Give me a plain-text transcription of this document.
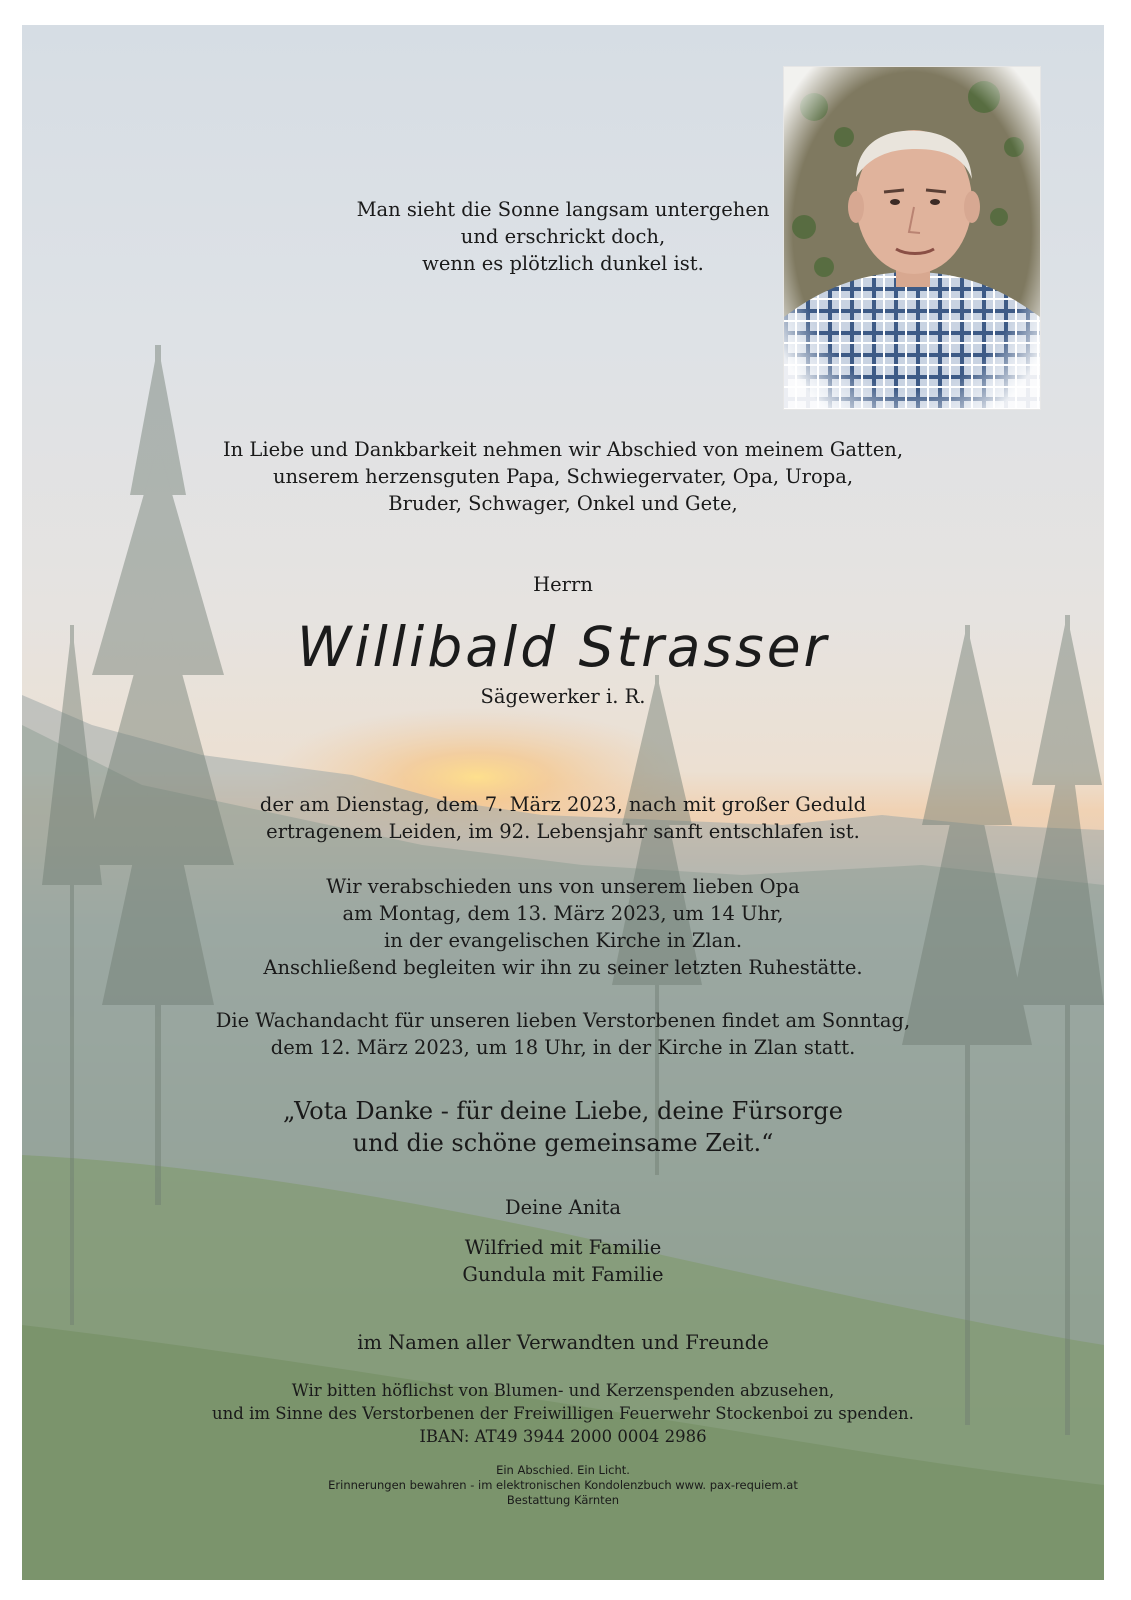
Man sieht die Sonne langsam untergehen

und erschrickt doch,

wenn es plötzlich dunkel ist.

In Liebe und Dankbarkeit nehmen wir Abschied von meinem Gatten,

unserem herzensguten Papa, Schwiegervater, Opa, Uropa,

Bruder, Schwager, Onkel und Gete,

Herrn
Willibald Strasser
Sägewerker i. R.

der am Dienstag, dem 7. März 2023, nach mit großer Geduld

ertragenem Leiden, im 92. Lebensjahr sanft entschlafen ist.

Wir verabschieden uns von unserem lieben Opa

am Montag, dem 13. März 2023, um 14 Uhr,

in der evangelischen Kirche in Zlan.

Anschließend begleiten wir ihn zu seiner letzten Ruhestätte.

Die Wachandacht für unseren lieben Verstorbenen findet am Sonntag,

dem 12. März 2023, um 18 Uhr, in der Kirche in Zlan statt.

„Vota Danke - für deine Liebe, deine Fürsorge

und die schöne gemeinsame Zeit.“

Deine Anita

Wilfried mit Familie

Gundula mit Familie

im Namen aller Verwandten und Freunde

Wir bitten höflichst von Blumen- und Kerzenspenden abzusehen,

und im Sinne des Verstorbenen der Freiwilligen Feuerwehr Stockenboi zu spenden.

IBAN: AT49 3944 2000 0004 2986

Ein Abschied. Ein Licht.
Erinnerungen bewahren - im elektronischen Kondolenzbuch www. pax-requiem.at
Bestattung Kärnten
